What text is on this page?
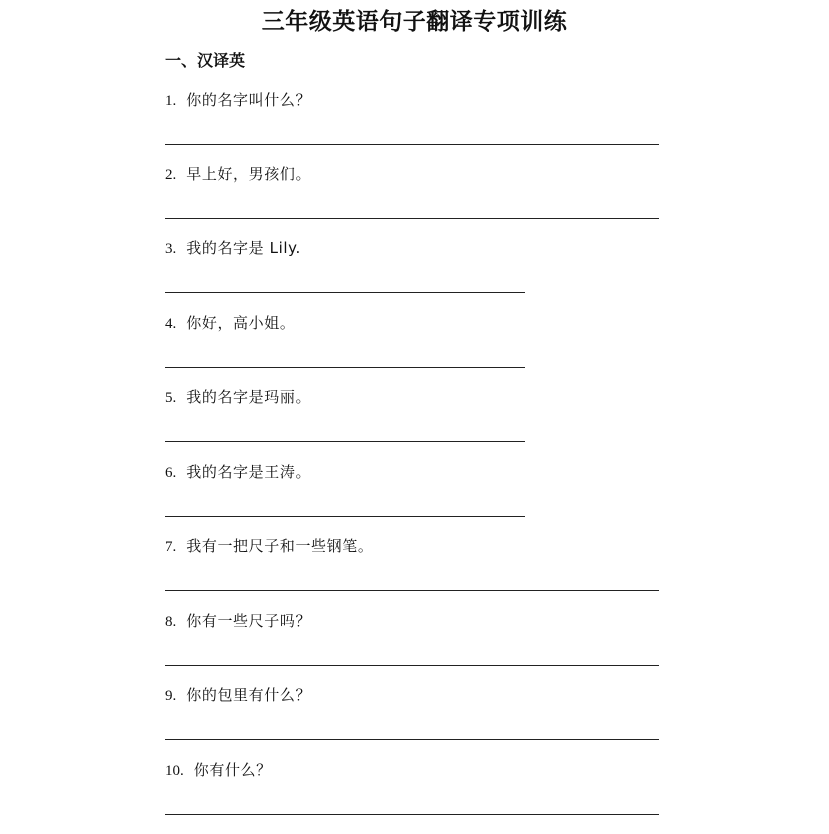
三年级英语句子翻译专项训练
一、汉译英
1. 你的名字叫什么？
2. 早上好，男孩们。
3. 我的名字是 Lily.
4. 你好，高小姐。
5. 我的名字是玛丽。
6. 我的名字是王涛。
7. 我有一把尺子和一些钢笔。
8. 你有一些尺子吗？
9. 你的包里有什么？
10. 你有什么？
